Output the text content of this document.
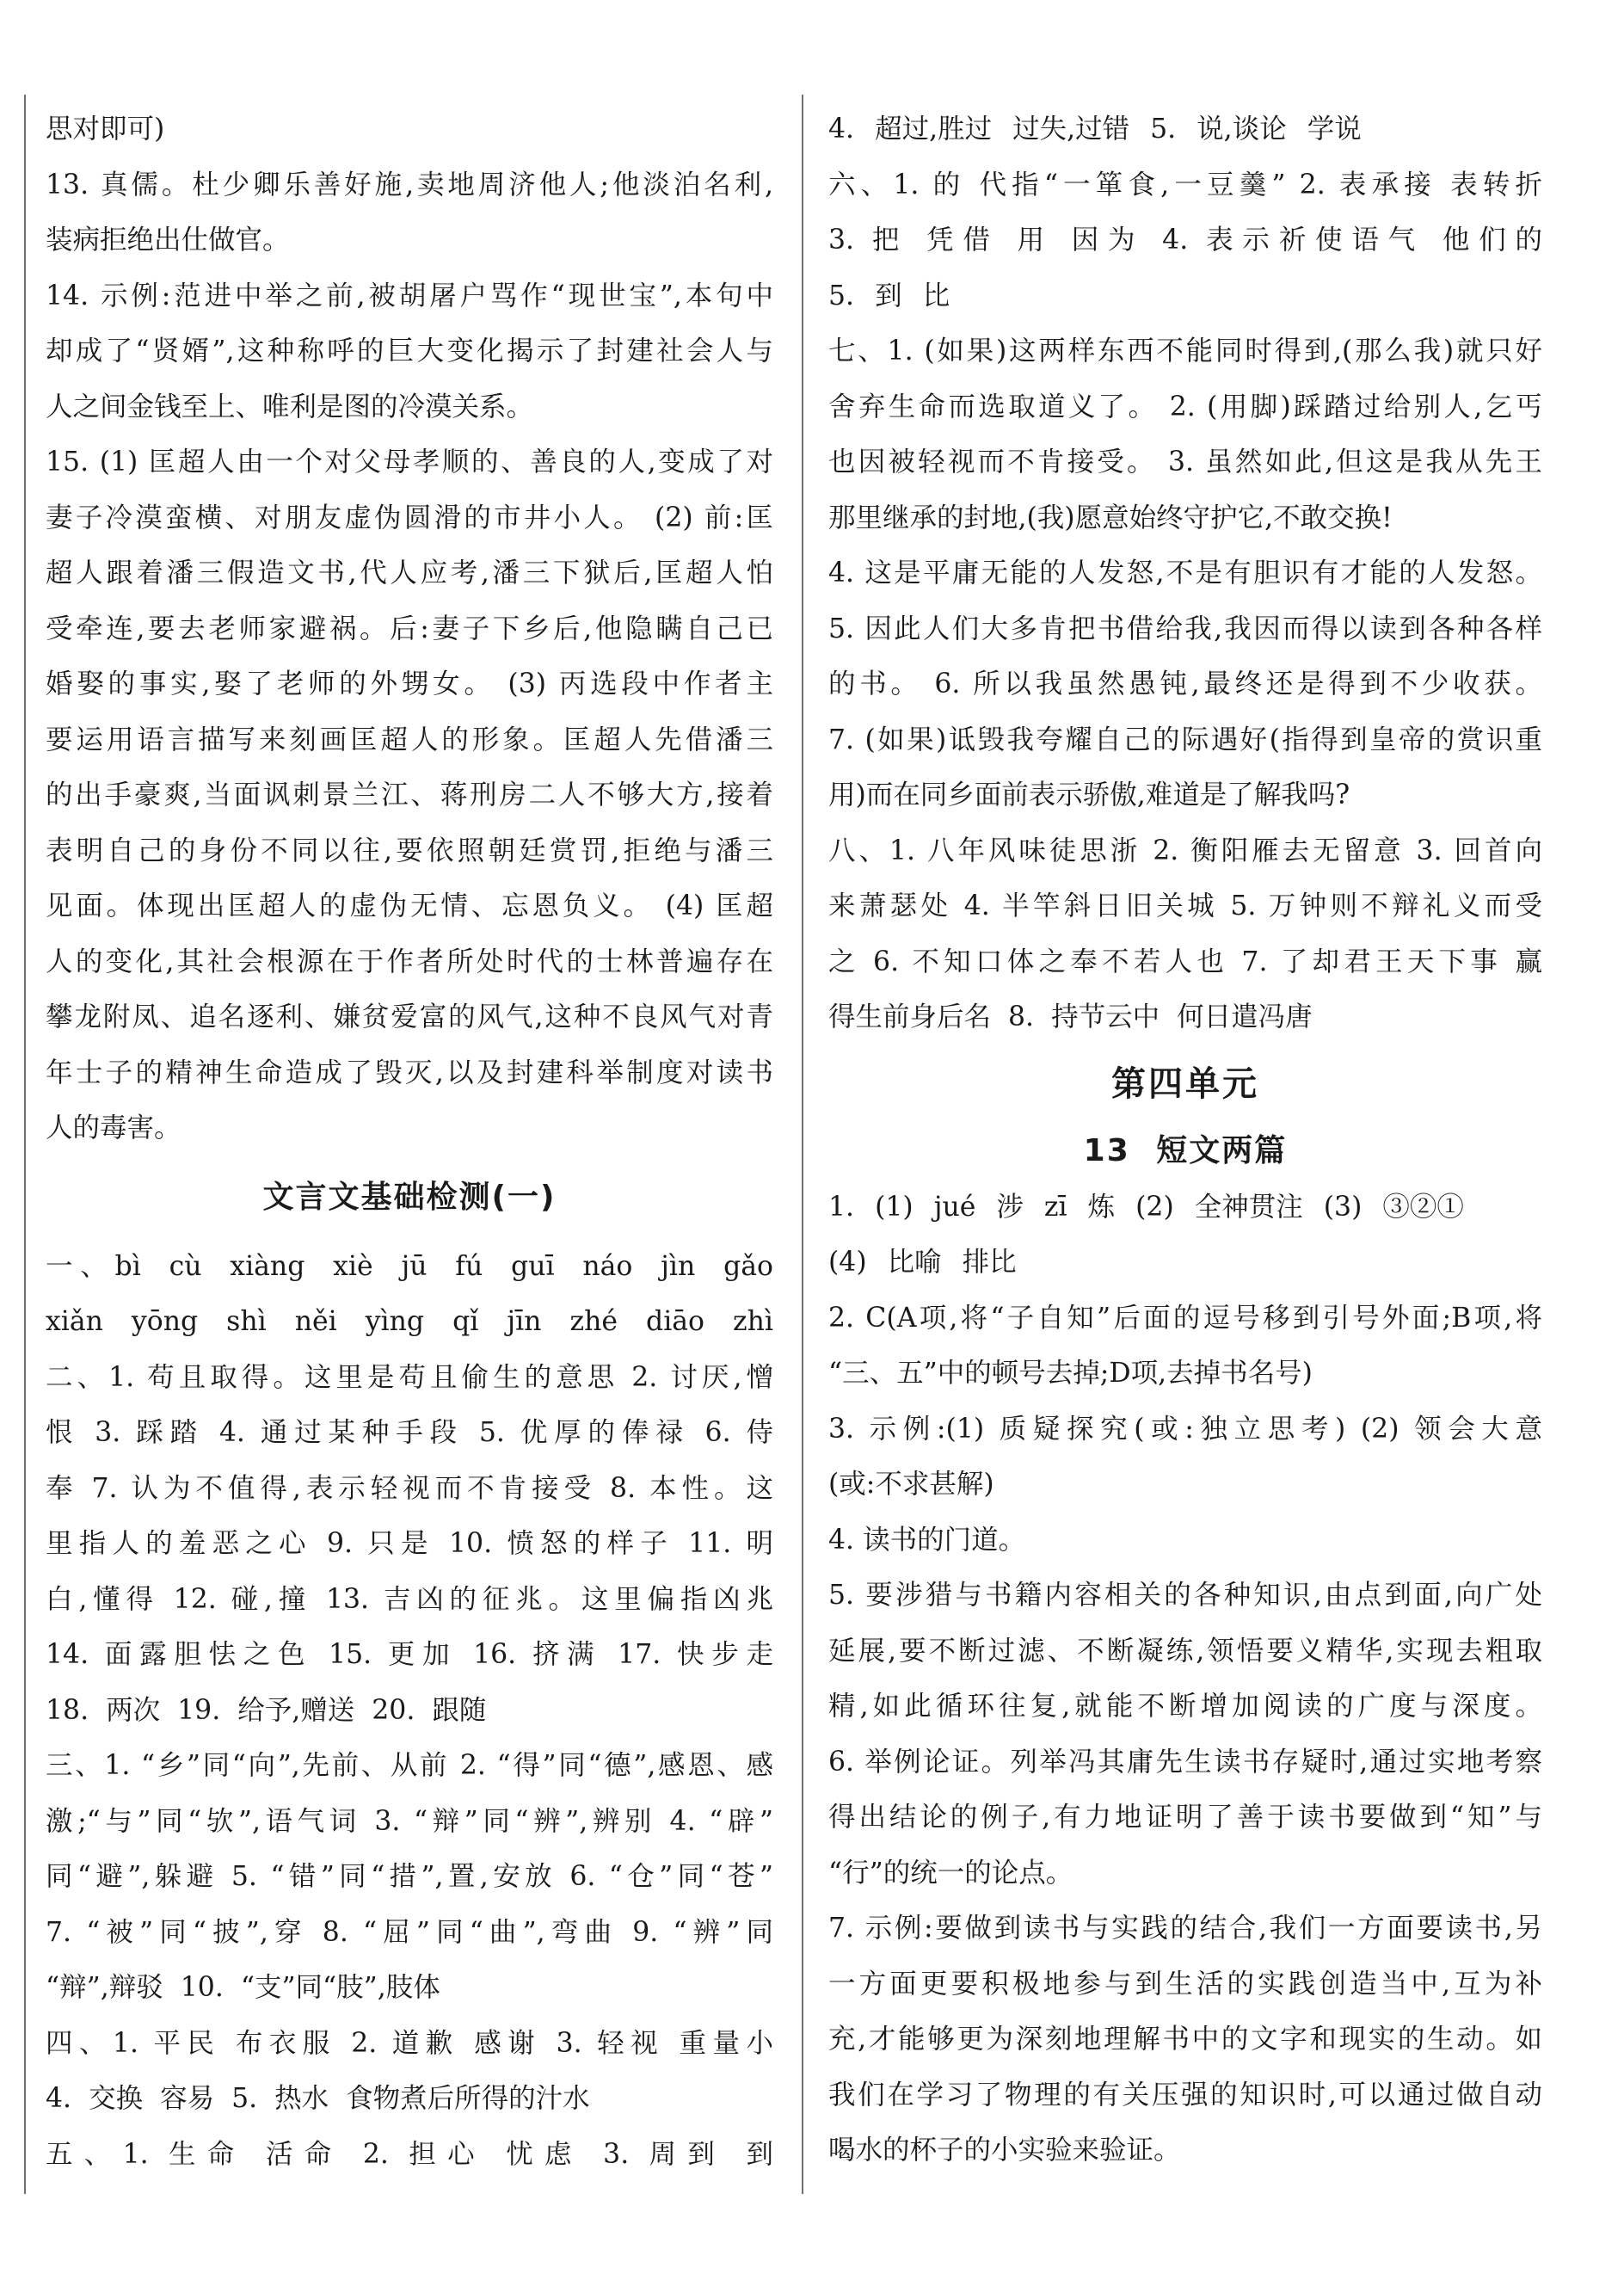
思对即可)
13. 真儒。杜少卿乐善好施,卖地周济他人;他淡泊名利,
装病拒绝出仕做官。
14. 示例:范进中举之前,被胡屠户骂作“现世宝”,本句中
却成了“贤婿”,这种称呼的巨大变化揭示了封建社会人与
人之间金钱至上、唯利是图的冷漠关系。
15. (1) 匡超人由一个对父母孝顺的、善良的人,变成了对
妻子冷漠蛮横、对朋友虚伪圆滑的市井小人。 (2) 前:匡
超人跟着潘三假造文书,代人应考,潘三下狱后,匡超人怕
受牵连,要去老师家避祸。后:妻子下乡后,他隐瞒自己已
婚娶的事实,娶了老师的外甥女。 (3) 丙选段中作者主
要运用语言描写来刻画匡超人的形象。匡超人先借潘三
的出手豪爽,当面讽刺景兰江、蒋刑房二人不够大方,接着
表明自己的身份不同以往,要依照朝廷赏罚,拒绝与潘三
见面。体现出匡超人的虚伪无情、忘恩负义。 (4) 匡超
人的变化,其社会根源在于作者所处时代的士林普遍存在
攀龙附凤、追名逐利、嫌贫爱富的风气,这种不良风气对青
年士子的精神生命造成了毁灭,以及封建科举制度对读书
人的毒害。
文言文基础检测(一)
一、bì cù xiàng xiè jū fú guī náo jìn gǎo
xiǎn yōng shì něi yìng qǐ jīn zhé diāo zhì
二、1. 苟且取得。这里是苟且偷生的意思 2. 讨厌,憎
恨 3. 踩踏 4. 通过某种手段 5. 优厚的俸禄 6. 侍
奉 7. 认为不值得,表示轻视而不肯接受 8. 本性。这
里指人的羞恶之心 9. 只是 10. 愤怒的样子 11. 明
白,懂得 12. 碰,撞 13. 吉凶的征兆。这里偏指凶兆
14. 面露胆怯之色 15. 更加 16. 挤满 17. 快步走
18. 两次 19. 给予,赠送 20. 跟随
三、1. “乡”同“向”,先前、从前 2. “得”同“德”,感恩、感
激;“与”同“欤”,语气词 3. “辩”同“辨”,辨别 4. “辟”
同“避”,躲避 5. “错”同“措”,置,安放 6. “仓”同“苍”
7. “被”同“披”,穿 8. “屈”同“曲”,弯曲 9. “辨”同
“辩”,辩驳 10. “支”同“肢”,肢体
四、1. 平民 布衣服 2. 道歉 感谢 3. 轻视 重量小
4. 交换 容易 5. 热水 食物煮后所得的汁水
五、1. 生命 活命 2. 担心 忧虑 3. 周到 到
4. 超过,胜过 过失,过错 5. 说,谈论 学说
六、1. 的 代指“一箪食,一豆羹” 2. 表承接 表转折
3. 把 凭借 用 因为 4. 表示祈使语气 他们的
5. 到 比
七、1. (如果)这两样东西不能同时得到,(那么我)就只好
舍弃生命而选取道义了。 2. (用脚)踩踏过给别人,乞丐
也因被轻视而不肯接受。 3. 虽然如此,但这是我从先王
那里继承的封地,(我)愿意始终守护它,不敢交换!
4. 这是平庸无能的人发怒,不是有胆识有才能的人发怒。
5. 因此人们大多肯把书借给我,我因而得以读到各种各样
的书。 6. 所以我虽然愚钝,最终还是得到不少收获。
7. (如果)诋毁我夸耀自己的际遇好(指得到皇帝的赏识重
用)而在同乡面前表示骄傲,难道是了解我吗?
八、1. 八年风味徒思浙 2. 衡阳雁去无留意 3. 回首向
来萧瑟处 4. 半竿斜日旧关城 5. 万钟则不辩礼义而受
之 6. 不知口体之奉不若人也 7. 了却君王天下事 赢
得生前身后名 8. 持节云中 何日遣冯唐
第四单元
13 短文两篇
1. (1) jué 涉 zī 炼 (2) 全神贯注 (3) ③②①
(4) 比喻 排比
2. C(A项,将“子自知”后面的逗号移到引号外面;B项,将
“三、五”中的顿号去掉;D项,去掉书名号)
3. 示例:(1) 质疑探究(或:独立思考) (2) 领会大意
(或:不求甚解)
4. 读书的门道。
5. 要涉猎与书籍内容相关的各种知识,由点到面,向广处
延展,要不断过滤、不断凝练,领悟要义精华,实现去粗取
精,如此循环往复,就能不断增加阅读的广度与深度。
6. 举例论证。列举冯其庸先生读书存疑时,通过实地考察
得出结论的例子,有力地证明了善于读书要做到“知”与
“行”的统一的论点。
7. 示例:要做到读书与实践的结合,我们一方面要读书,另
一方面更要积极地参与到生活的实践创造当中,互为补
充,才能够更为深刻地理解书中的文字和现实的生动。如
我们在学习了物理的有关压强的知识时,可以通过做自动
喝水的杯子的小实验来验证。
